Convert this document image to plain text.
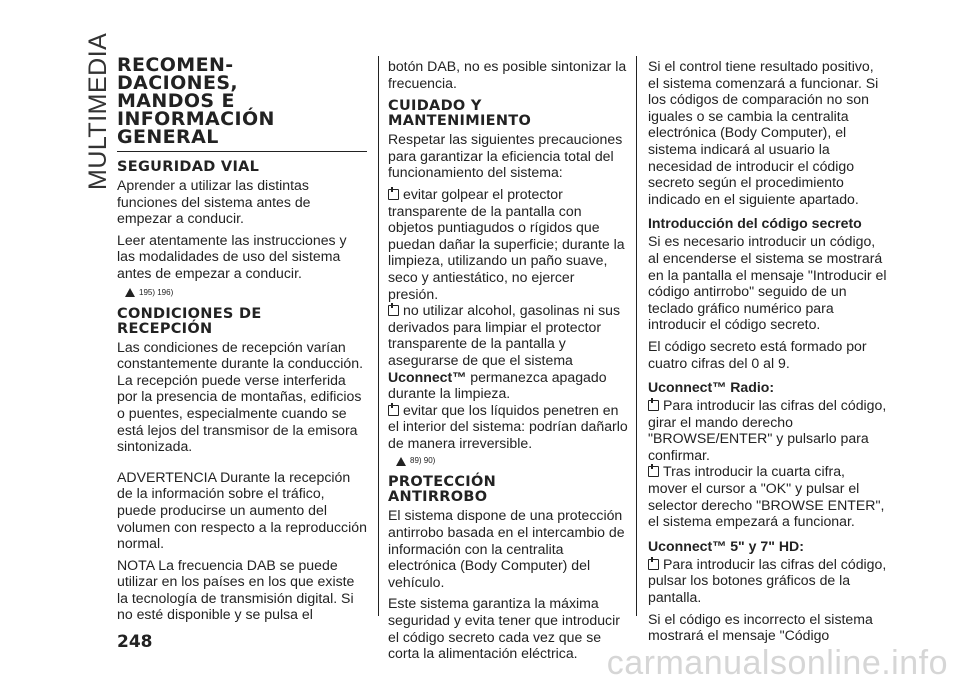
MULTIMEDIA RECOMEN-
DACIONES,
MANDOS E
INFORMACIÓN
GENERAL
SEGURIDAD VIAL

Aprender a utilizar las distintas funciones del sistema antes de empezar a conducir.

Leer atentamente las instrucciones y las modalidades de uso del sistema antes de empezar a conducir.

195) 196)
CONDICIONES DE
RECEPCIÓN

Las condiciones de recepción varían constantemente durante la conducción. La recepción puede verse interferida por la presencia de montañas, edificios o puentes, especialmente cuando se está lejos del transmisor de la emisora sintonizada.

ADVERTENCIA Durante la recepción de la información sobre el tráfico, puede producirse un aumento del volumen con respecto a la reproducción normal.

NOTA La frecuencia DAB se puede utilizar en los países en los que existe la tecnología de transmisión digital. Si no esté disponible y se pulsa el

botón DAB, no es posible sintonizar la frecuencia.

CUIDADO Y
MANTENIMIENTO

Respetar las siguientes precauciones para garantizar la eficiencia total del funcionamiento del sistema:

evitar golpear el protector transparente de la pantalla con objetos puntiagudos o rígidos que puedan dañar la superficie; durante la limpieza, utilizando un paño suave, seco y antiestático, no ejercer presión.
no utilizar alcohol, gasolinas ni sus derivados para limpiar el protector transparente de la pantalla y asegurarse de que el sistema Uconnect™ permanezca apagado durante la limpieza.
evitar que los líquidos penetren en el interior del sistema: podrían dañarlo de manera irreversible.
89) 90)
PROTECCIÓN
ANTIRROBO

El sistema dispone de una protección antirrobo basada en el intercambio de información con la centralita electrónica (Body Computer) del vehículo.

Este sistema garantiza la máxima seguridad y evita tener que introducir el código secreto cada vez que se corta la alimentación eléctrica.

Si el control tiene resultado positivo, el sistema comenzará a funcionar. Si los códigos de comparación no son iguales o se cambia la centralita electrónica (Body Computer), el sistema indicará al usuario la necesidad de introducir el código secreto según el procedimiento indicado en el siguiente apartado.

Introducción del código secreto

Si es necesario introducir un código, al encenderse el sistema se mostrará en la pantalla el mensaje "Introducir el código antirrobo" seguido de un teclado gráfico numérico para introducir el código secreto.

El código secreto está formado por cuatro cifras del 0 al 9.

Uconnect™ Radio:
Para introducir las cifras del código, girar el mando derecho "BROWSE/ENTER" y pulsarlo para confirmar.
Tras introducir la cuarta cifra, mover el cursor a "OK" y pulsar el selector derecho "BROWSE ENTER", el sistema empezará a funcionar.
Uconnect™ 5" y 7" HD:
Para introducir las cifras del código, pulsar los botones gráficos de la pantalla.

Si el código es incorrecto el sistema mostrará el mensaje "Código

248
carmanualsonline.info
